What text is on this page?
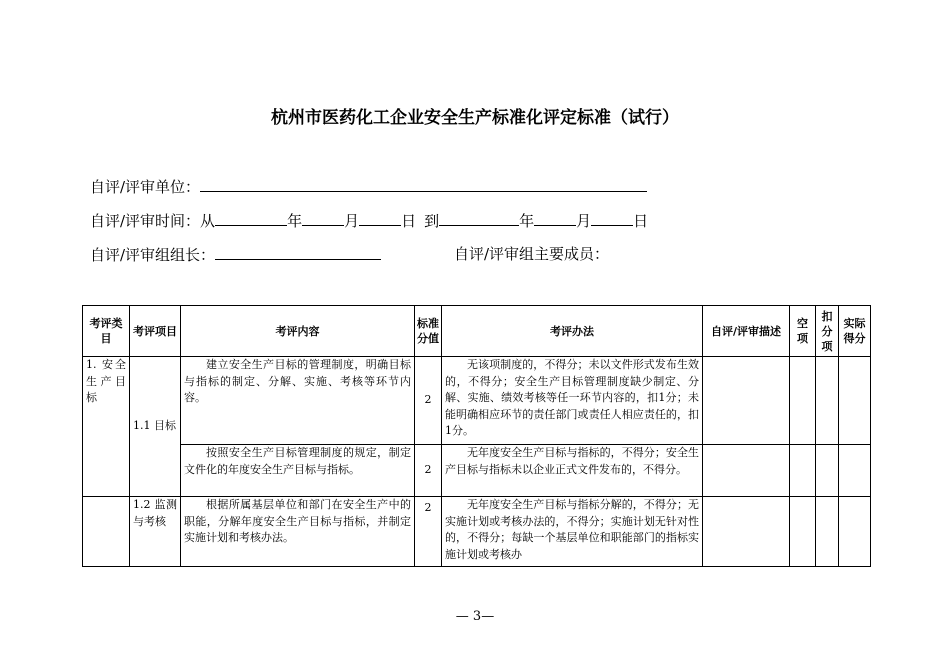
杭州市医药化工企业安全生产标准化评定标准（试行）
自评/评审单位：
自评/评审时间：从	年	月	日 到	年	月	日
自评/评审组组长：	自评/评审组主要成员：
考评类目	考评项目	考评内容	标准分值	考评办法	自评/评审描述	空项	扣分项	实际得分
1. 安全生产目标	1.1 目标	建立安全生产目标的管理制度，明确目标与指标的制定、分解、实施、考核等环节内容。	2	无该项制度的，不得分；未以文件形式发布生效的，不得分；安全生产目标管理制度缺少制定、分解、实施、绩效考核等任一环节内容的，扣1分；未能明确相应环节的责任部门或责任人相应责任的，扣1分。				
		按照安全生产目标管理制度的规定，制定文件化的年度安全生产目标与指标。	2	无年度安全生产目标与指标的，不得分；安全生产目标与指标未以企业正式文件发布的，不得分。				
	1.2 监测与考核	根据所属基层单位和部门在安全生产中的职能，分解年度安全生产目标与指标，并制定实施计划和考核办法。	2	无年度安全生产目标与指标分解的，不得分；无实施计划或考核办法的，不得分；实施计划无针对性的，不得分；每缺一个基层单位和职能部门的指标实施计划或考核办				

— 3—
